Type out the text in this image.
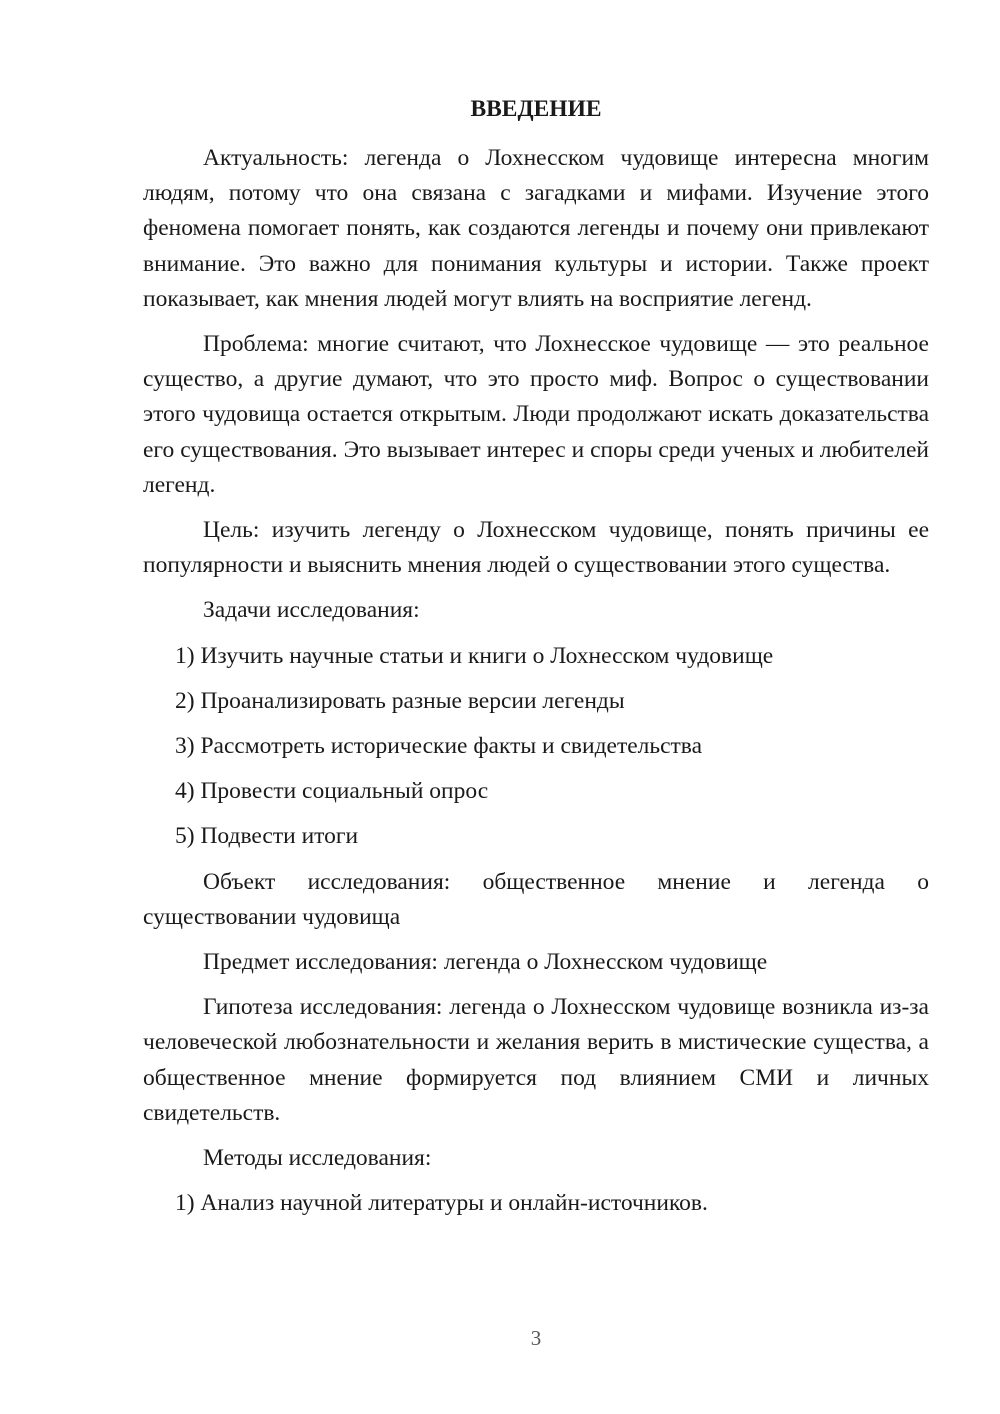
ВВЕДЕНИЕ

Актуальность: легенда о Лохнесском чудовище интересна многим людям, потому что она связана с загадками и мифами. Изучение этого феномена помогает понять, как создаются легенды и почему они привлекают внимание. Это важно для понимания культуры и истории. Также проект показывает, как мнения людей могут влиять на восприятие легенд.

Проблема: многие считают, что Лохнесское чудовище — это реальное существо, а другие думают, что это просто миф. Вопрос о существовании этого чудовища остается открытым. Люди продолжают искать доказательства его существования. Это вызывает интерес и споры среди ученых и любителей легенд.

Цель: изучить легенду о Лохнесском чудовище, понять причины ее популярности и выяснить мнения людей о существовании этого существа.

Задачи исследования:

1) Изучить научные статьи и книги о Лохнесском чудовище
2) Проанализировать разные версии легенды
3) Рассмотреть исторические факты и свидетельства
4) Провести социальный опрос
5) Подвести итоги

Объект исследования: общественное мнение и легенда о существовании чудовища

Предмет исследования: легенда о Лохнесском чудовище

Гипотеза исследования: легенда о Лохнесском чудовище возникла из-за человеческой любознательности и желания верить в мистические существа, а общественное мнение формируется под влиянием СМИ и личных свидетельств.

Методы исследования:

1) Анализ научной литературы и онлайн-источников.
3
